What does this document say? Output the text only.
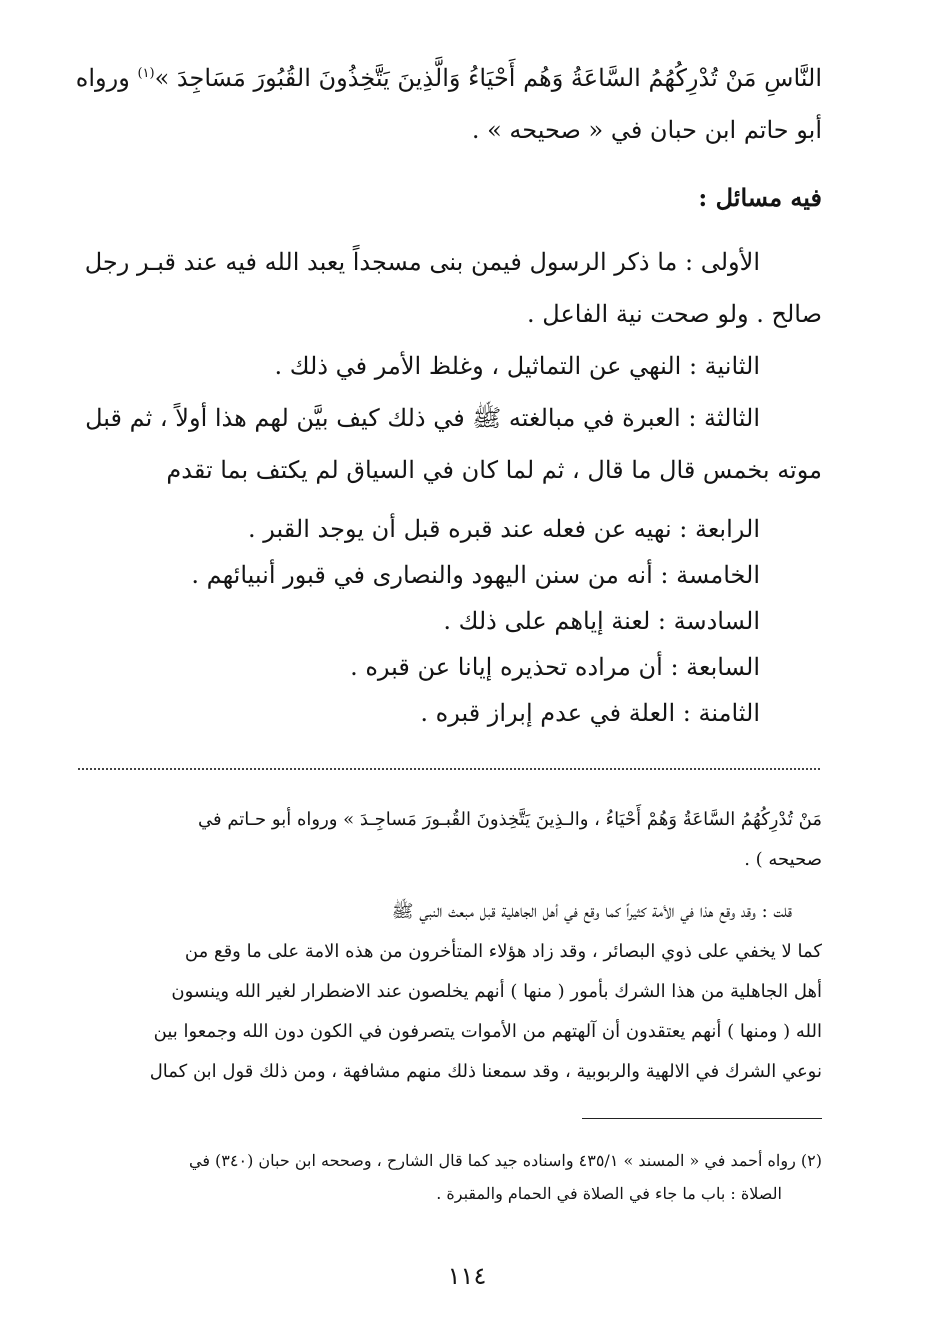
النَّاسِ مَنْ تُدْرِكُهُمُ السَّاعَةُ وَهُم أَحْيَاءُ وَالَّذِينَ يَتَّخِذُونَ القُبُورَ مَسَاجِدَ »$^{(١)}$ ورواه
أبو حاتم ابن حبان في « صحيحه » .
فيه مسائل :
الأولى : ما ذكر الرسول فيمن بنى مسجداً يعبد الله فيه عند قبـر رجل
صالح . ولو صحت نية الفاعل .
الثانية : النهي عن التماثيل ، وغلظ الأمر في ذلك .
الثالثة : العبرة في مبالغته ﷺ في ذلك كيف بيَّن لهم هذا أولاً ، ثم قبل
موته بخمس قال ما قال ، ثم لما كان في السياق لم يكتف بما تقدم
الرابعة : نهيه عن فعله عند قبره قبل أن يوجد القبر .
الخامسة : أنه من سنن اليهود والنصارى في قبور أنبيائهم .
السادسة : لعنة إياهم على ذلك .
السابعة : أن مراده تحذيره إيانا عن قبره .
الثامنة : العلة في عدم إبراز قبره .
مَنْ تُدْرِكُهُمُ السَّاعَةُ وَهُمْ أَحْيَاءُ ، والـذِينَ يَتَّخِذونَ القُبـورَ مَساجِـدَ » ورواه أبو حـاتم في
صحيحه ) .
قلت : وقد وقع هذا في الأمة كثيراً كما وقع في أهل الجاهلية قبل مبعث النبي ﷺ
كما لا يخفي على ذوي البصائر ، وقد زاد هؤلاء المتأخرون من هذه الامة على ما وقع من
أهل الجاهلية من هذا الشرك بأمور ( منها ) أنهم يخلصون عند الاضطرار لغير الله وينسون
الله ( ومنها ) أنهم يعتقدون أن آلهتهم من الأموات يتصرفون في الكون دون الله وجمعوا بين
نوعي الشرك في الالهية والربوبية ، وقد سمعنا ذلك منهم مشافهة ، ومن ذلك قول ابن كمال
(٢) رواه أحمد في « المسند » ٤٣٥/١ واسناده جيد كما قال الشارح ، وصححه ابن حبان (٣٤٠) في
الصلاة : باب ما جاء في الصلاة في الحمام والمقبرة .
١١٤
